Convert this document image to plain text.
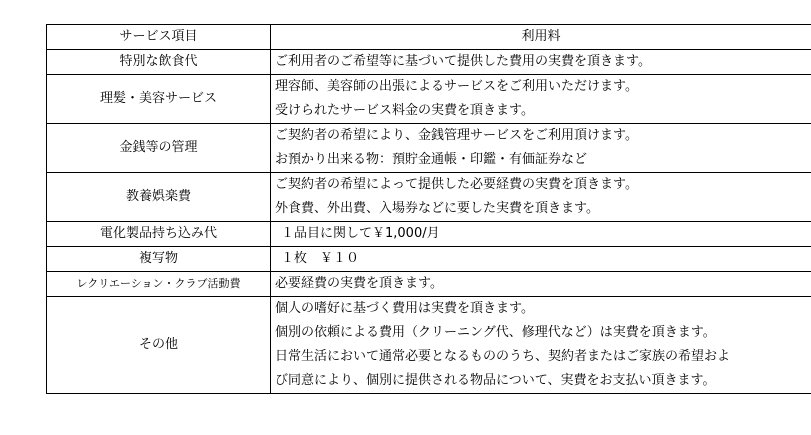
サービス項目	利用料
特別な飲食代	ご利用者のご希望等に基づいて提供した費用の実費を頂きます。

理髪・美容サービス	理容師、美容師の出張によるサービスをご利用いただけます。
受けられたサービス料金の実費を頂きます。

金銭等の管理	ご契約者の希望により、金銭管理サービスをご利用頂けます。
お預かり出来る物：預貯金通帳・印鑑・有価証券など

教養娯楽費	ご契約者の希望によって提供した必要経費の実費を頂きます。
外食費、外出費、入場券などに要した実費を頂きます。

電化製品持ち込み代	１品目に関して￥1,000/月

複写物	１枚　￥１０

レクリエーション・クラブ活動費	必要経費の実費を頂きます。

その他	個人の嗜好に基づく費用は実費を頂きます。
個別の依頼による費用（クリーニング代、修理代など）は実費を頂きます。
日常生活において通常必要となるもののうち、契約者またはご家族の希望およ
び同意により、個別に提供される物品について、実費をお支払い頂きます。
